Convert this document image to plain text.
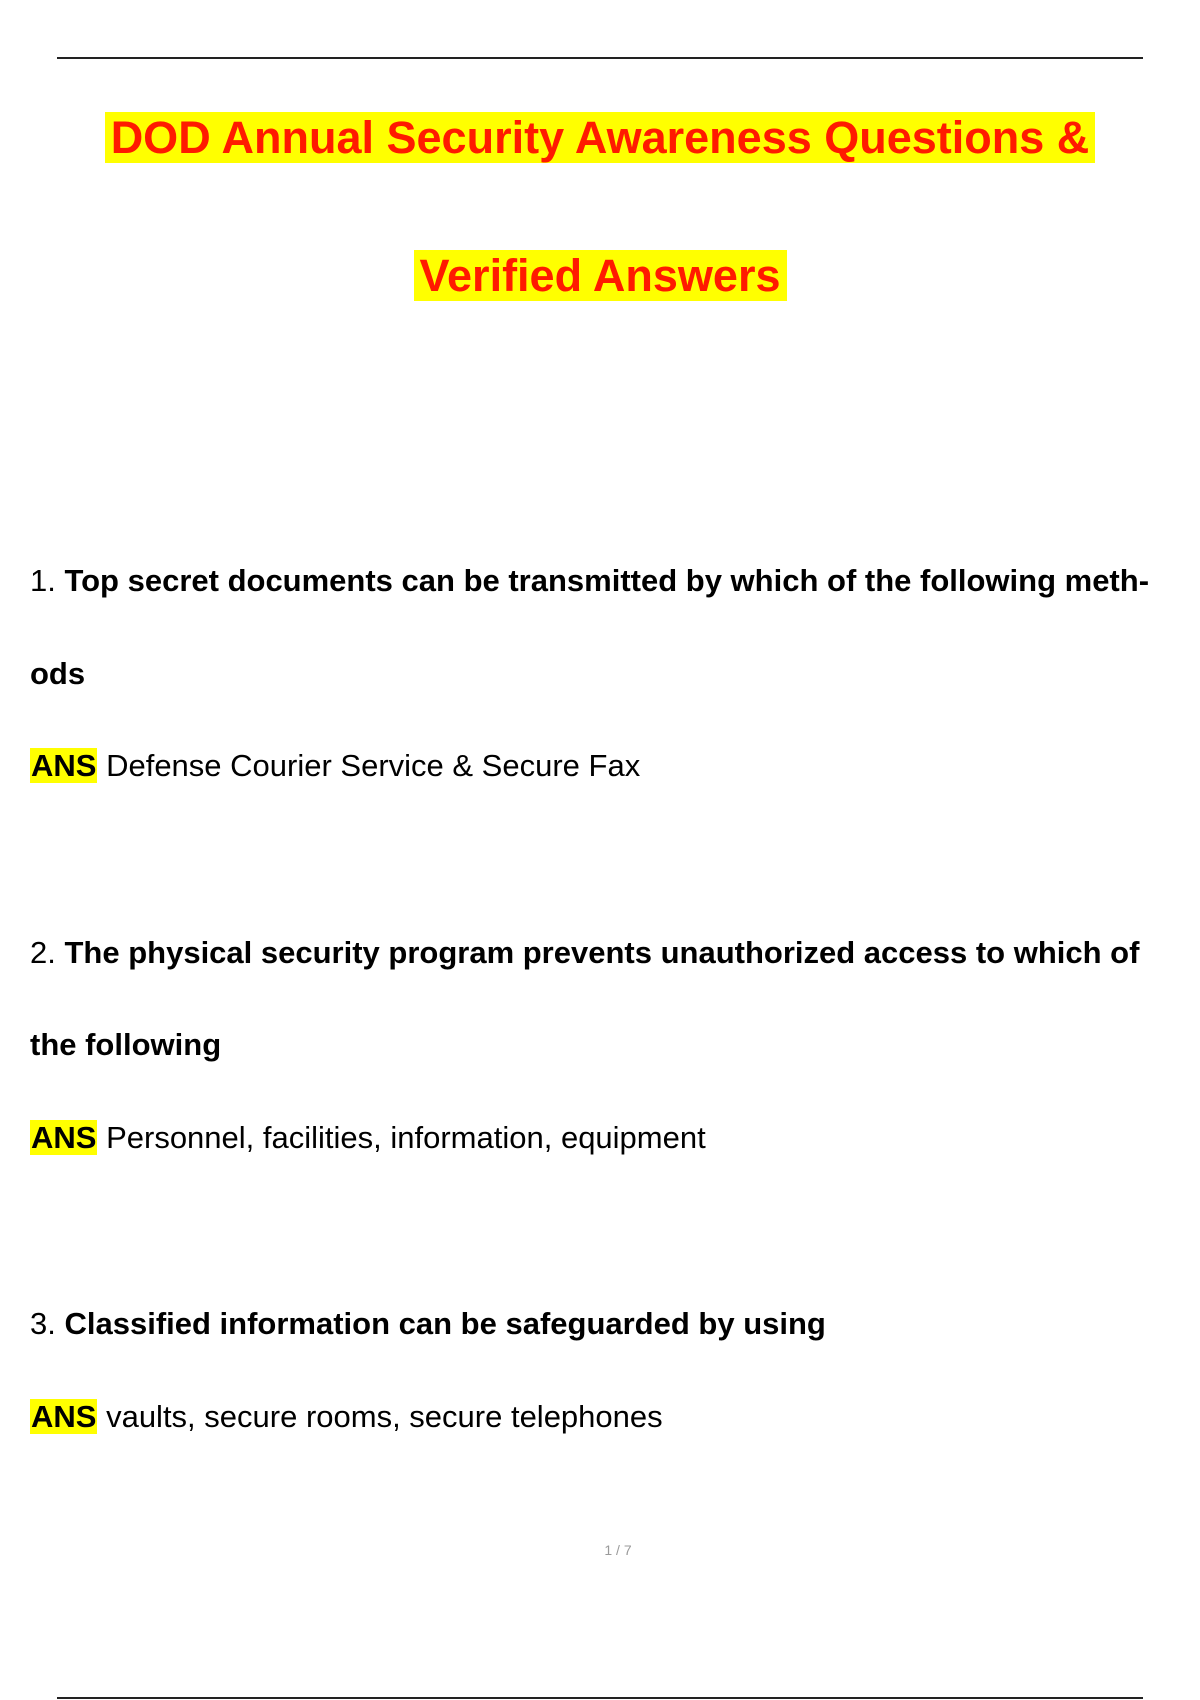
DOD Annual Security Awareness Questions &
Verified Answers
1. Top secret documents can be transmitted by which of the following meth-
ods
ANS Defense Courier Service & Secure Fax
2. The physical security program prevents unauthorized access to which of
the following
ANS Personnel, facilities, information, equipment
3. Classified information can be safeguarded by using
ANS vaults, secure rooms, secure telephones
1 / 7
